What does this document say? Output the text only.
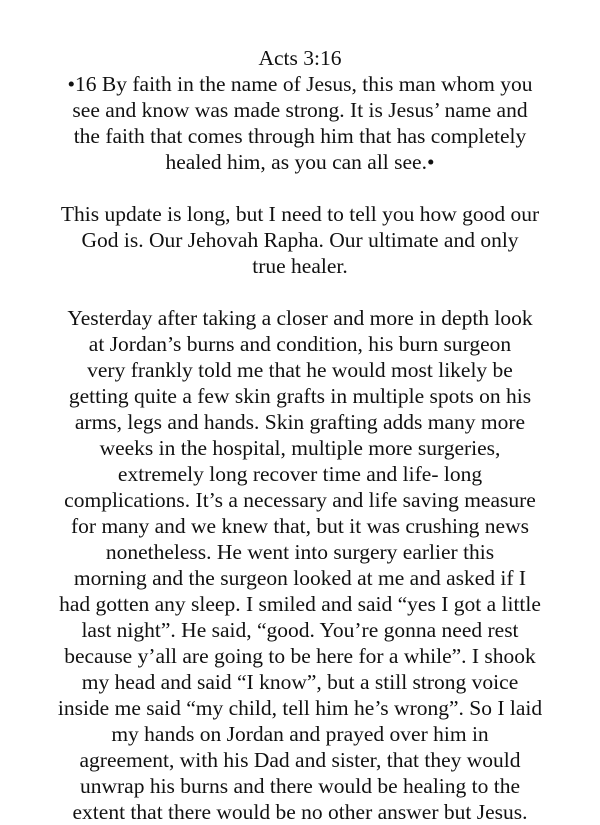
Acts 3:16
•16 By faith in the name of Jesus, this man whom you
see and know was made strong. It is Jesus’ name and
the faith that comes through him that has completely
healed him, as you can all see.•
This update is long, but I need to tell you how good our
God is. Our Jehovah Rapha. Our ultimate and only
true healer.
Yesterday after taking a closer and more in depth look
at Jordan’s burns and condition, his burn surgeon
very frankly told me that he would most likely be
getting quite a few skin grafts in multiple spots on his
arms, legs and hands. Skin grafting adds many more
weeks in the hospital, multiple more surgeries,
extremely long recover time and life- long
complications. It’s a necessary and life saving measure
for many and we knew that, but it was crushing news
nonetheless. He went into surgery earlier this
morning and the surgeon looked at me and asked if I
had gotten any sleep. I smiled and said “yes I got a little
last night”. He said, “good. You’re gonna need rest
because y’all are going to be here for a while”. I shook
my head and said “I know”, but a still strong voice
inside me said “my child, tell him he’s wrong”. So I laid
my hands on Jordan and prayed over him in
agreement, with his Dad and sister, that they would
unwrap his burns and there would be healing to the
extent that there would be no other answer but Jesus.
